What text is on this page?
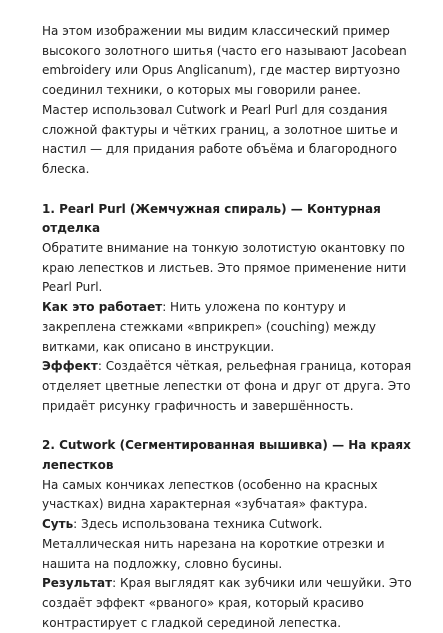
На этом изображении мы видим классический пример высокого золотного шитья (часто его называют Jacobean embroidery или Opus Anglicanum), где мастер виртуозно соединил техники, о которых мы говорили ранее.

Мастер использовал Cutwork и Pearl Purl для создания сложной фактуры и чётких границ, а золотное шитье и настил — для придания работе объёма и благородного блеска.

1. Pearl Purl (Жемчужная спираль) — Контурная отделка

Обратите внимание на тонкую золотистую окантовку по краю лепестков и листьев. Это прямое применение нити Pearl Purl.

Как это работает: Нить уложена по контуру и закреплена стежками «вприкреп» (couching) между витками, как описано в инструкции.

Эффект: Создаётся чёткая, рельефная граница, которая отделяет цветные лепестки от фона и друг от друга. Это придаёт рисунку графичность и завершённость.

2. Cutwork (Сегментированная вышивка) — На краях лепестков

На самых кончиках лепестков (особенно на красных участках) видна характерная «зубчатая» фактура.

Суть: Здесь использована техника Cutwork. Металлическая нить нарезана на короткие отрезки и нашита на подложку, словно бусины.

Результат: Края выглядят как зубчики или чешуйки. Это создаёт эффект «рваного» края, который красиво контрастирует с гладкой серединой лепестка.
